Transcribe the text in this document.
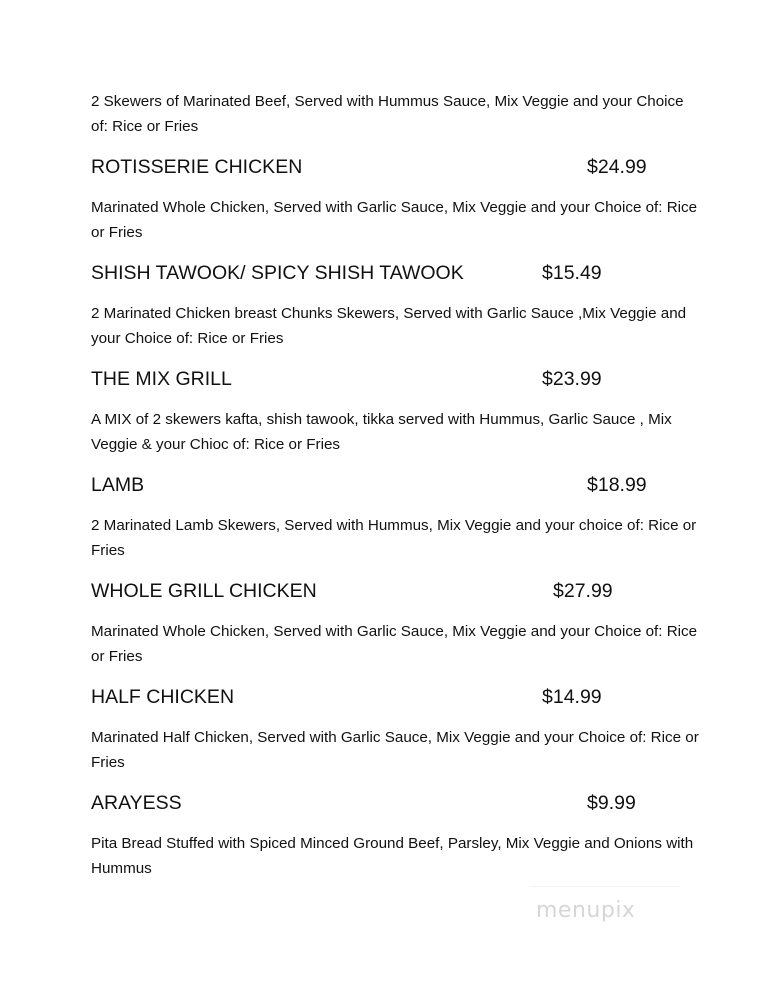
2 Skewers of Marinated Beef, Served with Hummus Sauce, Mix Veggie and your Choice of: Rice or Fries
ROTISSERIE CHICKEN	$24.99
Marinated Whole Chicken, Served with Garlic Sauce, Mix Veggie and your Choice of: Rice or Fries
SHISH TAWOOK/ SPICY SHISH TAWOOK	$15.49
2 Marinated Chicken breast Chunks Skewers, Served with Garlic Sauce ,Mix Veggie and your Choice of: Rice or Fries
THE MIX GRILL	$23.99
A MIX of 2 skewers kafta, shish tawook, tikka served with Hummus, Garlic Sauce , Mix Veggie & your Chioc of: Rice or Fries
LAMB	$18.99
2 Marinated Lamb Skewers, Served with Hummus, Mix Veggie and your choice of: Rice or Fries
WHOLE GRILL CHICKEN	$27.99
Marinated Whole Chicken, Served with Garlic Sauce, Mix Veggie and your Choice of: Rice or Fries
HALF CHICKEN	$14.99
Marinated Half Chicken, Served with Garlic Sauce, Mix Veggie and your Choice of: Rice or Fries
ARAYESS	$9.99
Pita Bread Stuffed with Spiced Minced Ground Beef, Parsley, Mix Veggie and Onions with Hummus
menupix
